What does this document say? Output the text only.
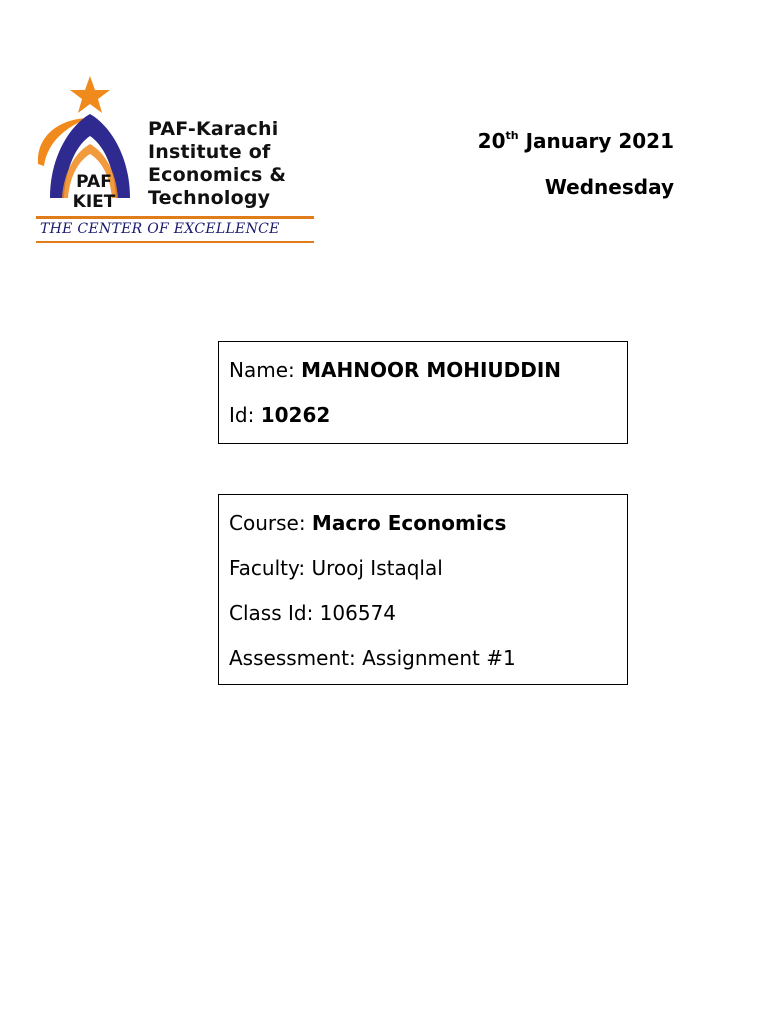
PAF
KIET
PAF-Karachi
Institute of
Economics &
Technology
THE CENTER OF EXCELLENCE
20th January 2021
Wednesday
Name: MAHNOOR MOHIUDDIN
Id: 10262
Course: Macro Economics
Faculty: Urooj Istaqlal
Class Id: 106574
Assessment: Assignment #1
